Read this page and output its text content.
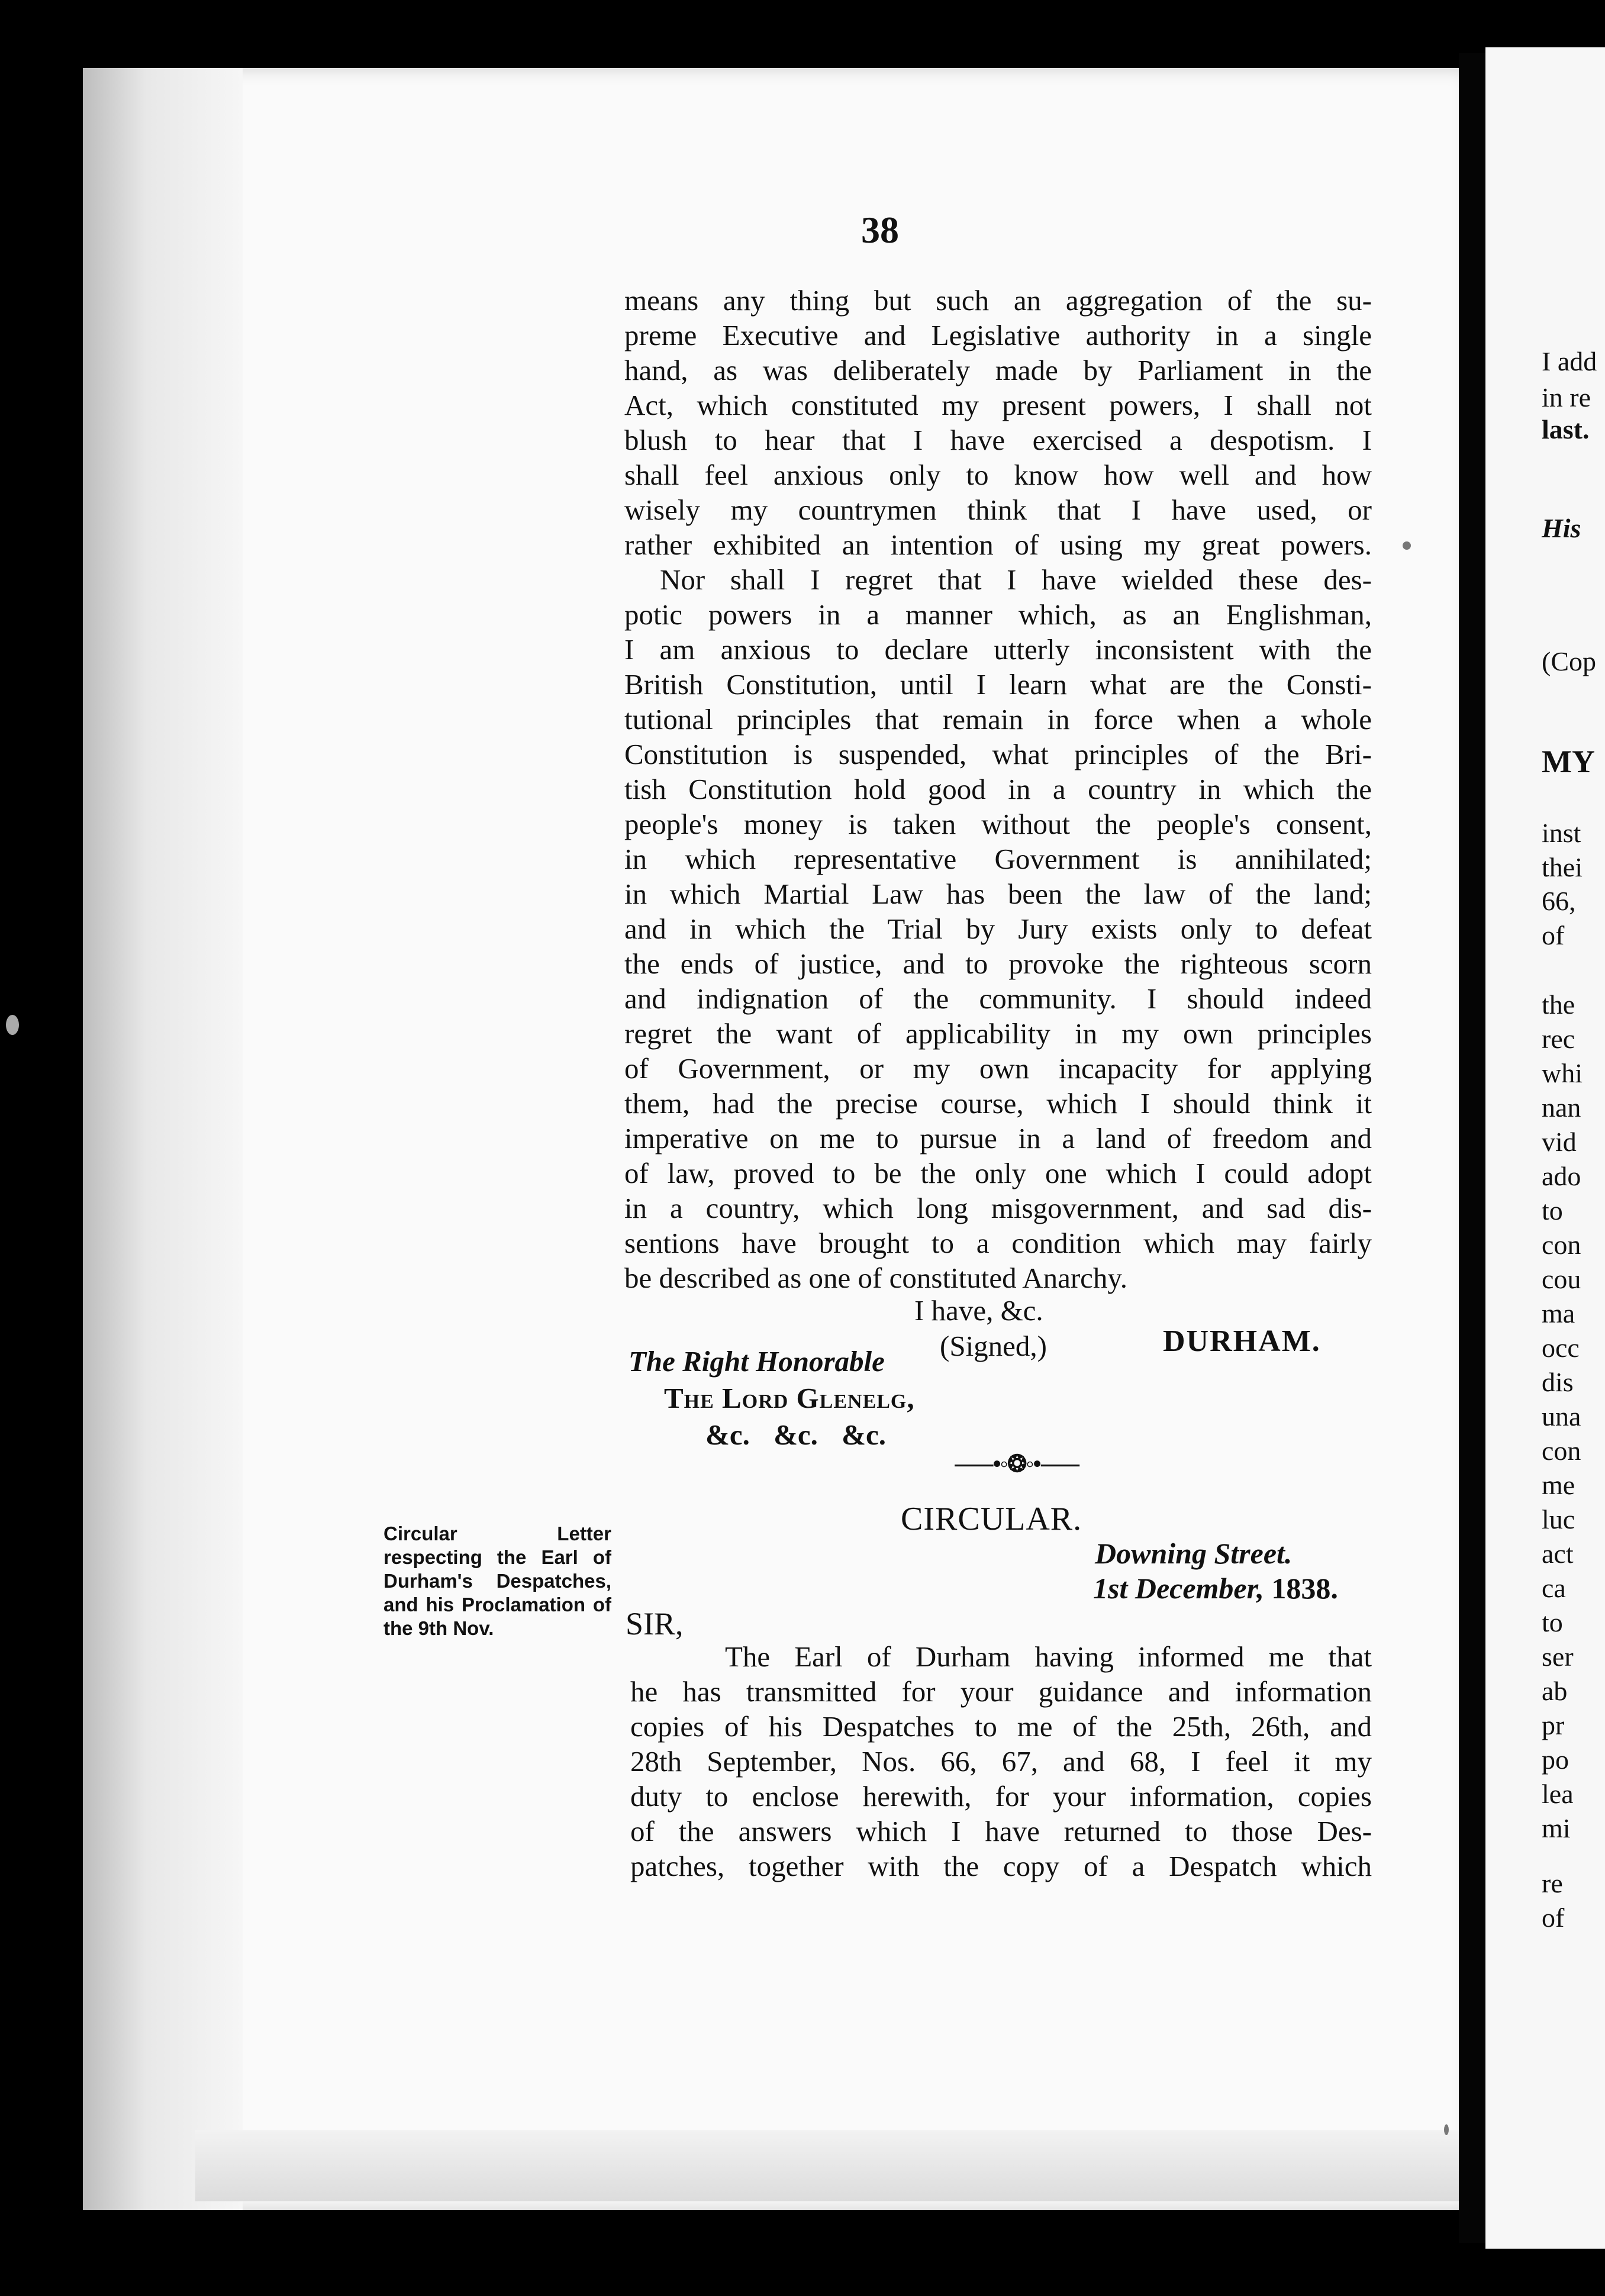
I add
in re
last.
His
(Cop
MY
inst
thei
66,
of
the
rec
whi
nan
vid
ado
to
con
cou
ma
occ
dis
una
con
me
luc
act
ca
to
ser
ab
pr
po
lea
mi
re
of
38

means any thing but such an aggregation of the su-
preme Executive and Legislative authority in a single
hand, as was deliberately made by Parliament in the
Act, which constituted my present powers, I shall not
blush to hear that I have exercised a despotism. I
shall feel anxious only to know how well and how
wisely my countrymen think that I have used, or
rather exhibited an intention of using my great powers.

Nor shall I regret that I have wielded these des-
potic powers in a manner which, as an Englishman,
I am anxious to declare utterly inconsistent with the
British Constitution, until I learn what are the Consti-
tutional principles that remain in force when a whole
Constitution is suspended, what principles of the Bri-
tish Constitution hold good in a country in which the
people's money is taken without the people's consent,
in which representative Government is annihilated;
in which Martial Law has been the law of the land;
and in which the Trial by Jury exists only to defeat
the ends of justice, and to provoke the righteous scorn
and indignation of the community. I should indeed
regret the want of applicability in my own principles
of Government, or my own incapacity for applying
them, had the precise course, which I should think it
imperative on me to pursue in a land of freedom and
of law, proved to be the only one which I could adopt
in a country, which long misgovernment, and sad dis-
sentions have brought to a condition which may fairly
be described as one of constituted Anarchy.

I have, &c.
(Signed,)	DURHAM.
The Right Honorable
The Lord Glenelg,
&c. &c. &c.
⸺•◦❂◦•⸺
CIRCULAR.
Downing Street.
1st December, 1838.
Circular Letter respecting the Earl of Durham's Despatches, and his Proclamation of the 9th Nov.	SIR,
The Earl of Durham having informed me that
he has transmitted for your guidance and information
copies of his Despatches to me of the 25th, 26th, and
28th September, Nos. 66, 67, and 68, I feel it my
duty to enclose herewith, for your information, copies
of the answers which I have returned to those Des-
patches, together with the copy of a Despatch which
